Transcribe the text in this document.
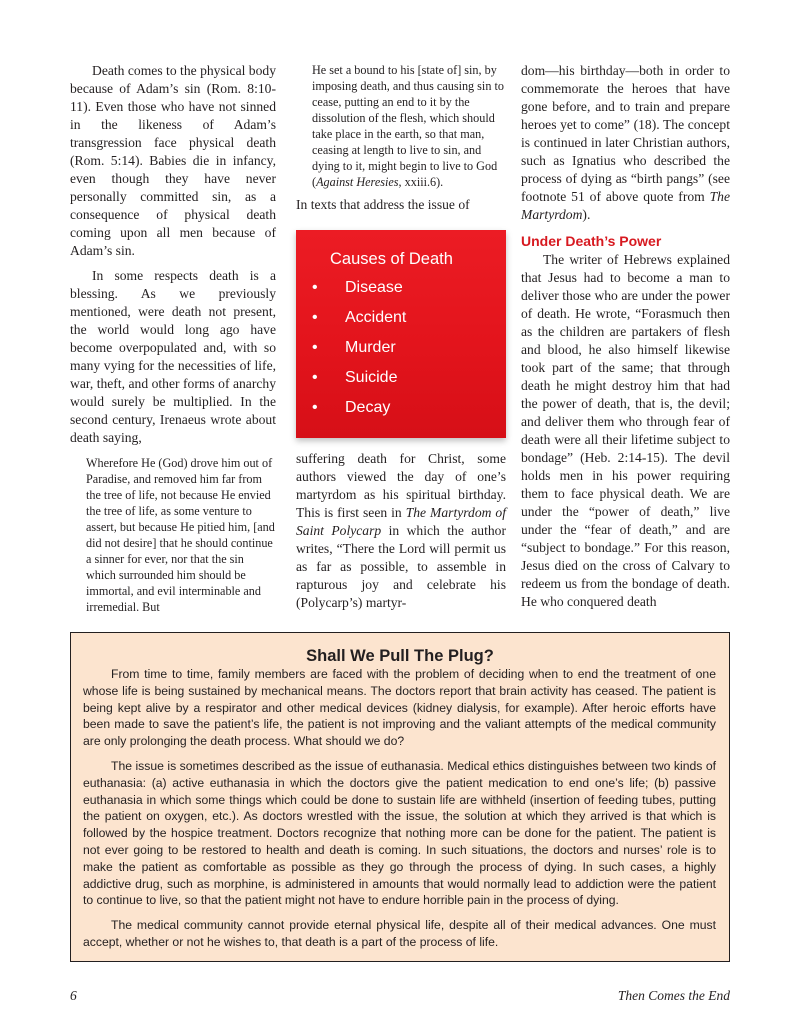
Death comes to the physical body because of Adam’s sin (Rom. 8:10-11). Even those who have not sinned in the likeness of Adam’s transgression face physical death (Rom. 5:14). Babies die in infancy, even though they have never personally committed sin, as a consequence of physical death coming upon all men because of Adam’s sin.

In some respects death is a blessing. As we previously mentioned, were death not present, the world would long ago have become overpopulated and, with so many vying for the necessities of life, war, theft, and other forms of anarchy would surely be multiplied. In the second century, Irenaeus wrote about death saying,

Wherefore He (God) drove him out of Paradise, and removed him far from the tree of life, not because He envied the tree of life, as some venture to assert, but because He pitied him, [and did not desire] that he should continue a sinner for ever, nor that the sin which surrounded him should be immortal, and evil interminable and irremedial. But

He set a bound to his [state of] sin, by imposing death, and thus causing sin to cease, putting an end to it by the dissolution of the flesh, which should take place in the earth, so that man, ceasing at length to live to sin, and dying to it, might begin to live to God (Against Heresies, xxiii.6).

In texts that address the issue of

Causes of Death
• Disease
• Accident
• Murder
• Suicide
• Decay

suffering death for Christ, some authors viewed the day of one’s martyrdom as his spiritual birthday. This is first seen in The Martyrdom of Saint Polycarp in which the author writes, “There the Lord will permit us as far as possible, to assemble in rapturous joy and celebrate his (Polycarp’s) martyr-

dom—his birthday—both in order to commemorate the heroes that have gone before, and to train and prepare heroes yet to come” (18). The concept is continued in later Christian authors, such as Ignatius who described the process of dying as “birth pangs” (see footnote 51 of above quote from The Martyrdom).

Under Death’s Power

The writer of Hebrews explained that Jesus had to become a man to deliver those who are under the power of death. He wrote, “Forasmuch then as the children are partakers of flesh and blood, he also himself likewise took part of the same; that through death he might destroy him that had the power of death, that is, the devil; and deliver them who through fear of death were all their lifetime subject to bondage” (Heb. 2:14-15). The devil holds men in his power requiring them to face physical death. We are under the “power of death,” live under the “fear of death,” and are “subject to bondage.” For this reason, Jesus died on the cross of Calvary to redeem us from the bondage of death. He who conquered death

Shall We Pull The Plug?

From time to time, family members are faced with the problem of deciding when to end the treatment of one whose life is being sustained by mechanical means. The doctors report that brain activity has ceased. The patient is being kept alive by a respirator and other medical devices (kidney dialysis, for example). After heroic efforts have been made to save the patient’s life, the patient is not improving and the valiant attempts of the medical community are only prolonging the death process. What should we do?

The issue is sometimes described as the issue of euthanasia. Medical ethics distinguishes between two kinds of euthanasia: (a) active euthanasia in which the doctors give the patient medication to end one’s life; (b) passive euthanasia in which some things which could be done to sustain life are withheld (insertion of feeding tubes, putting the patient on oxygen, etc.). As doctors wrestled with the issue, the solution at which they arrived is that which is followed by the hospice treatment. Doctors recognize that nothing more can be done for the patient. The patient is not ever going to be restored to health and death is coming. In such situations, the doctors and nurses’ role is to make the patient as comfortable as possible as they go through the process of dying. In such cases, a highly addictive drug, such as morphine, is administered in amounts that would normally lead to addiction were the patient to continue to live, so that the patient might not have to endure horrible pain in the process of dying.

The medical community cannot provide eternal physical life, despite all of their medical advances. One must accept, whether or not he wishes to, that death is a part of the process of life.

6	Then Comes the End
